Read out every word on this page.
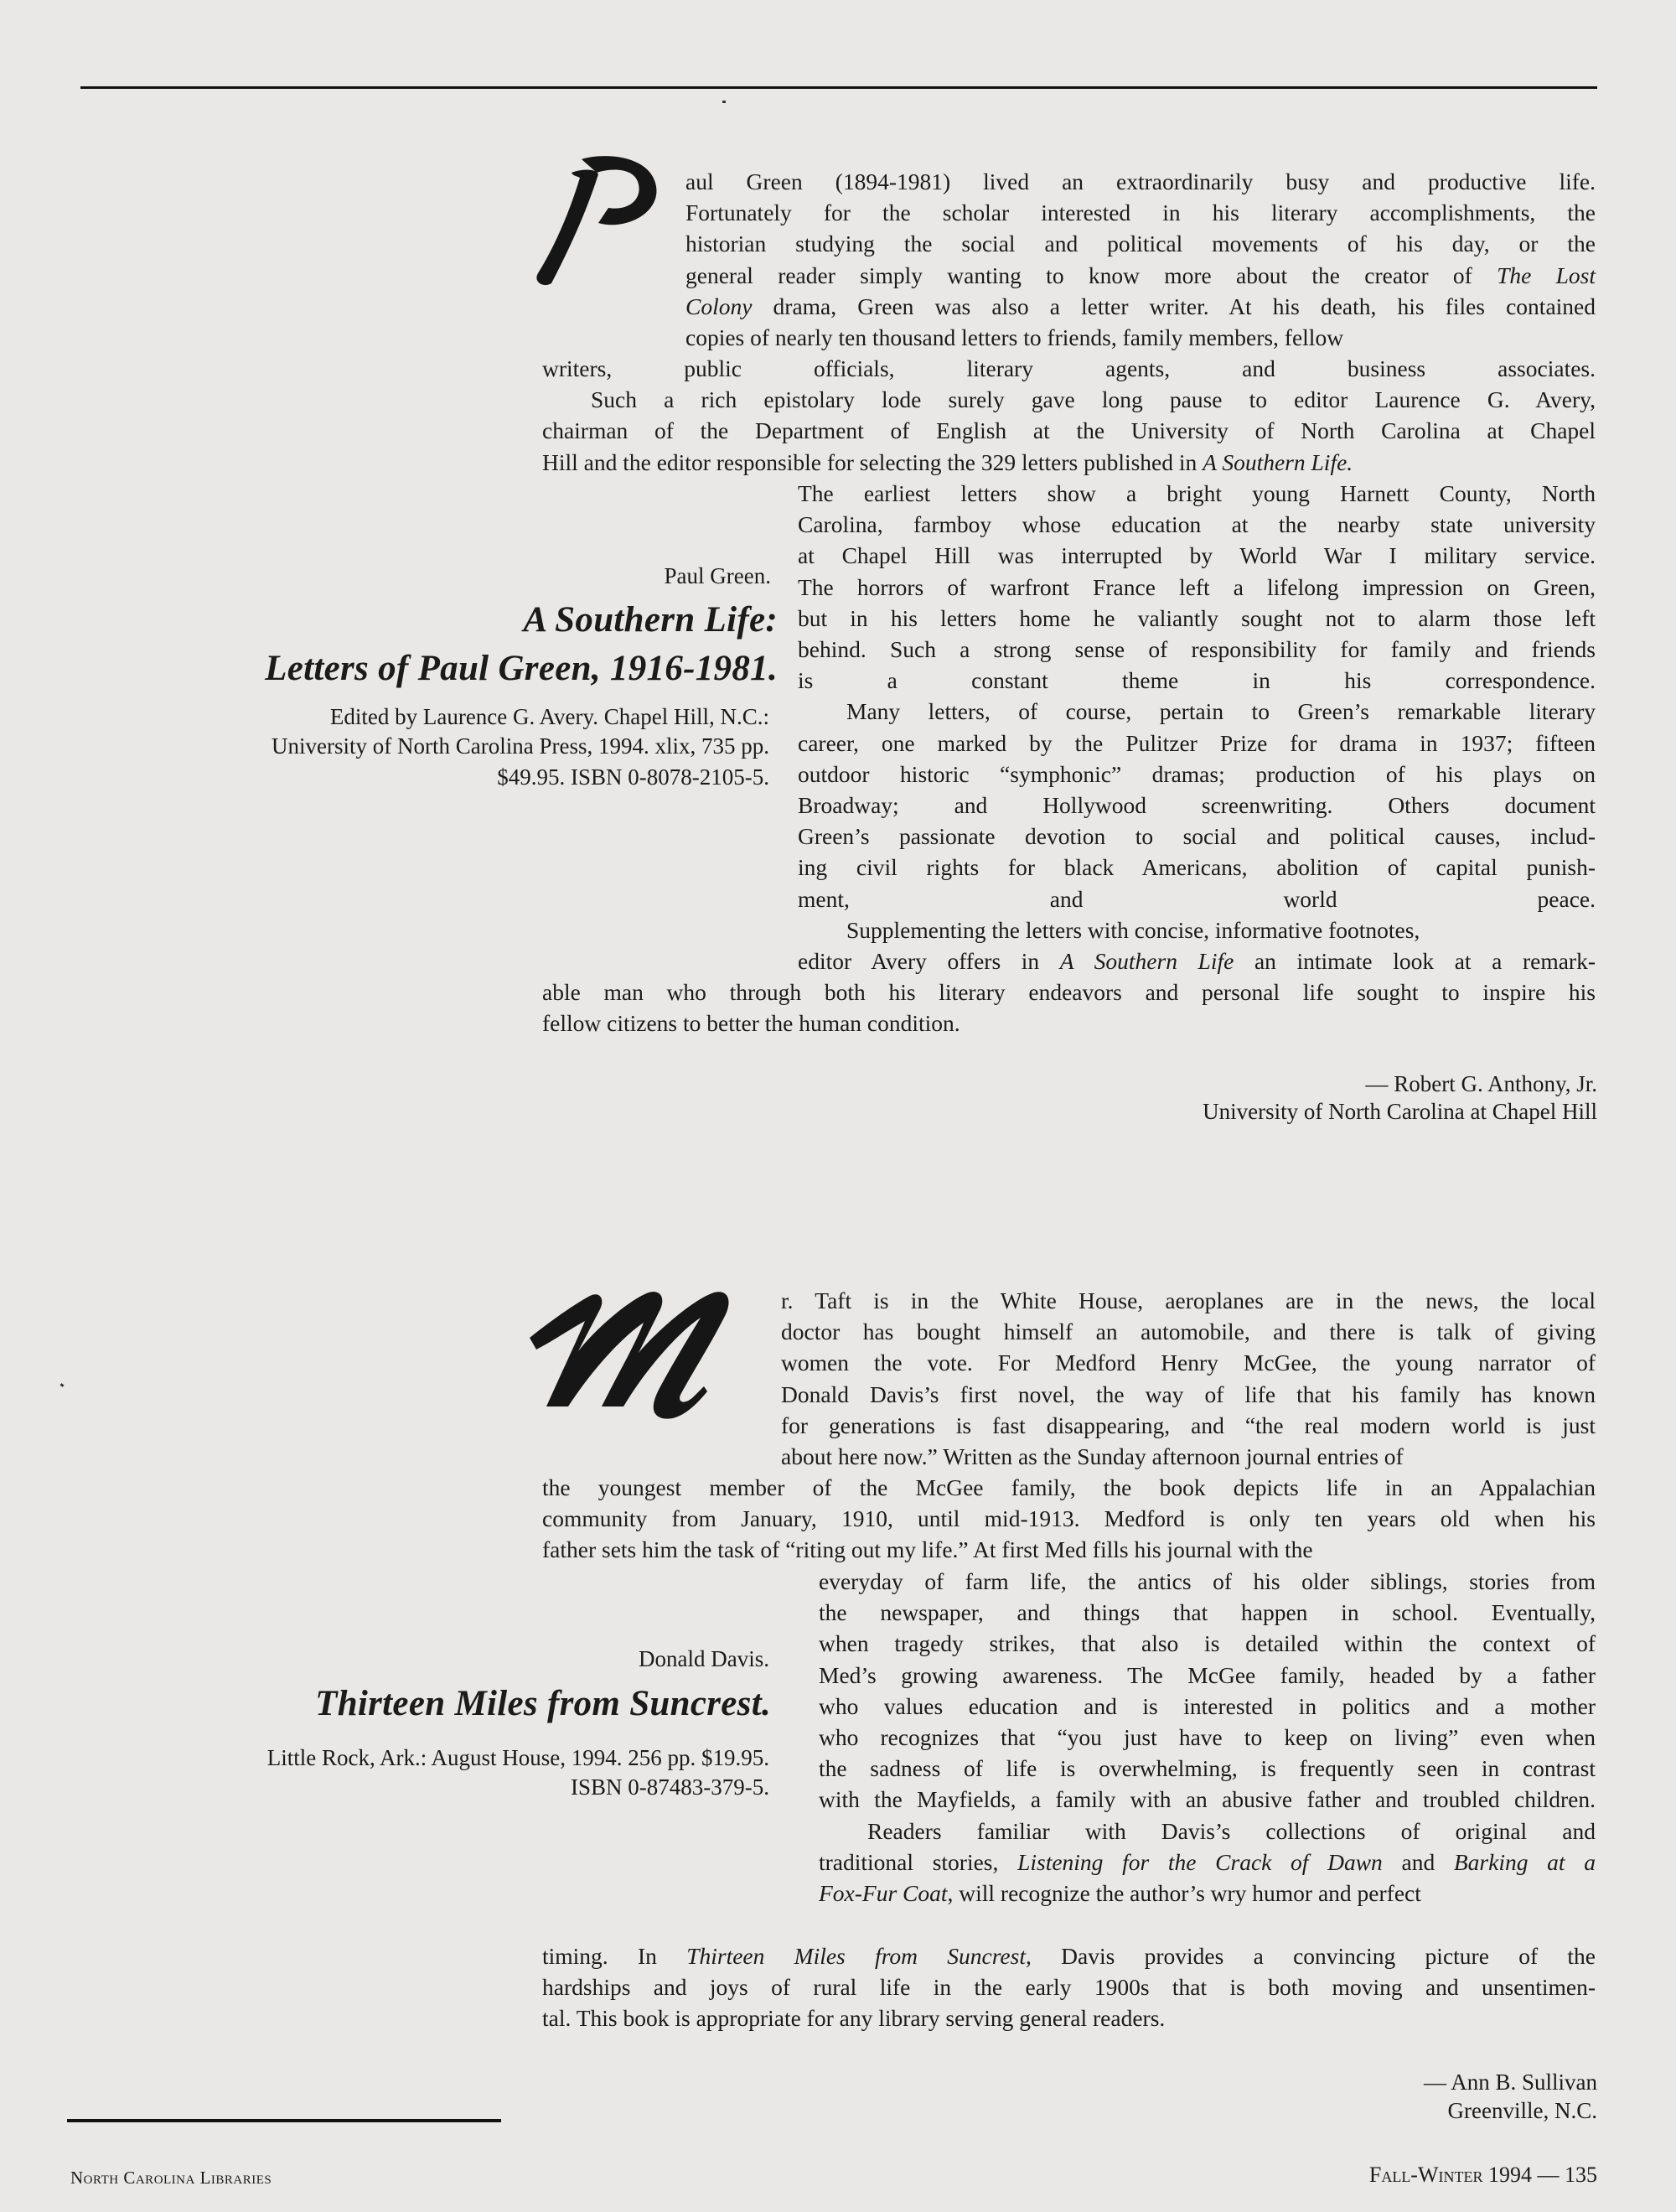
aul Green (1894-1981) lived an extraordinarily busy and productive life. Fortunately for the scholar interested in his literary accomplishments, the historian studying the social and political movements of his day, or the general reader simply wanting to know more about the creator of The Lost Colony drama, Green was also a letter writer. At his death, his files contained copies of nearly ten thousand letters to friends, family members, fellow
writers, public officials, literary agents, and business associates. Such a rich epistolary lode surely gave long pause to editor Laurence G. Avery, chairman of the Department of English at the University of North Carolina at Chapel Hill and the editor responsible for selecting the 329 letters published in A Southern Life.
The earliest letters show a bright young Harnett County, North Carolina, farmboy whose education at the nearby state university at Chapel Hill was interrupted by World War I military service. The horrors of warfront France left a lifelong impression on Green, but in his letters home he valiantly sought not to alarm those left behind. Such a strong sense of responsibility for family and friends is a constant theme in his correspondence. Many letters, of course, pertain to Green’s remarkable literary career, one marked by the Pulitzer Prize for drama in 1937; fifteen outdoor historic “symphonic” dramas; production of his plays on Broadway; and Hollywood screenwriting. Others document Green’s passionate devotion to social and political causes, includ- ing civil rights for black Americans, abolition of capital punish- ment, and world peace. Supplementing the letters with concise, informative footnotes,
editor Avery offers in A Southern Life an intimate look at a remark- able man who through both his literary endeavors and personal life sought to inspire his fellow citizens to better the human condition.
Paul Green.
A Southern Life:
Letters of Paul Green, 1916-1981.
Edited by Laurence G. Avery. Chapel Hill, N.C.:
University of North Carolina Press, 1994. xlix, 735 pp.
$49.95. ISBN 0-8078-2105-5.
— Robert G. Anthony, Jr.
University of North Carolina at Chapel Hill
r. Taft is in the White House, aeroplanes are in the news, the local doctor has bought himself an automobile, and there is talk of giving women the vote. For Medford Henry McGee, the young narrator of Donald Davis’s first novel, the way of life that his family has known for generations is fast disappearing, and “the real modern world is just about here now.” Written as the Sunday afternoon journal entries of
the youngest member of the McGee family, the book depicts life in an Appalachian community from January, 1910, until mid-1913. Medford is only ten years old when his father sets him the task of “riting out my life.” At first Med fills his journal with the
everyday of farm life, the antics of his older siblings, stories from the newspaper, and things that happen in school. Eventually, when tragedy strikes, that also is detailed within the context of Med’s growing awareness. The McGee family, headed by a father who values education and is interested in politics and a mother who recognizes that “you just have to keep on living” even when the sadness of life is overwhelming, is frequently seen in contrast with the Mayfields, a family with an abusive father and troubled children. Readers familiar with Davis’s collections of original and traditional stories, Listening for the Crack of Dawn and Barking at a Fox-Fur Coat, will recognize the author’s wry humor and perfect
timing. In Thirteen Miles from Suncrest, Davis provides a convincing picture of the hardships and joys of rural life in the early 1900s that is both moving and unsentimen- tal. This book is appropriate for any library serving general readers.
Donald Davis.
Thirteen Miles from Suncrest.
Little Rock, Ark.: August House, 1994. 256 pp. $19.95.
ISBN 0-87483-379-5.
— Ann B. Sullivan
Greenville, N.C.
North Carolina Libraries	Fall-Winter 1994 — 135
